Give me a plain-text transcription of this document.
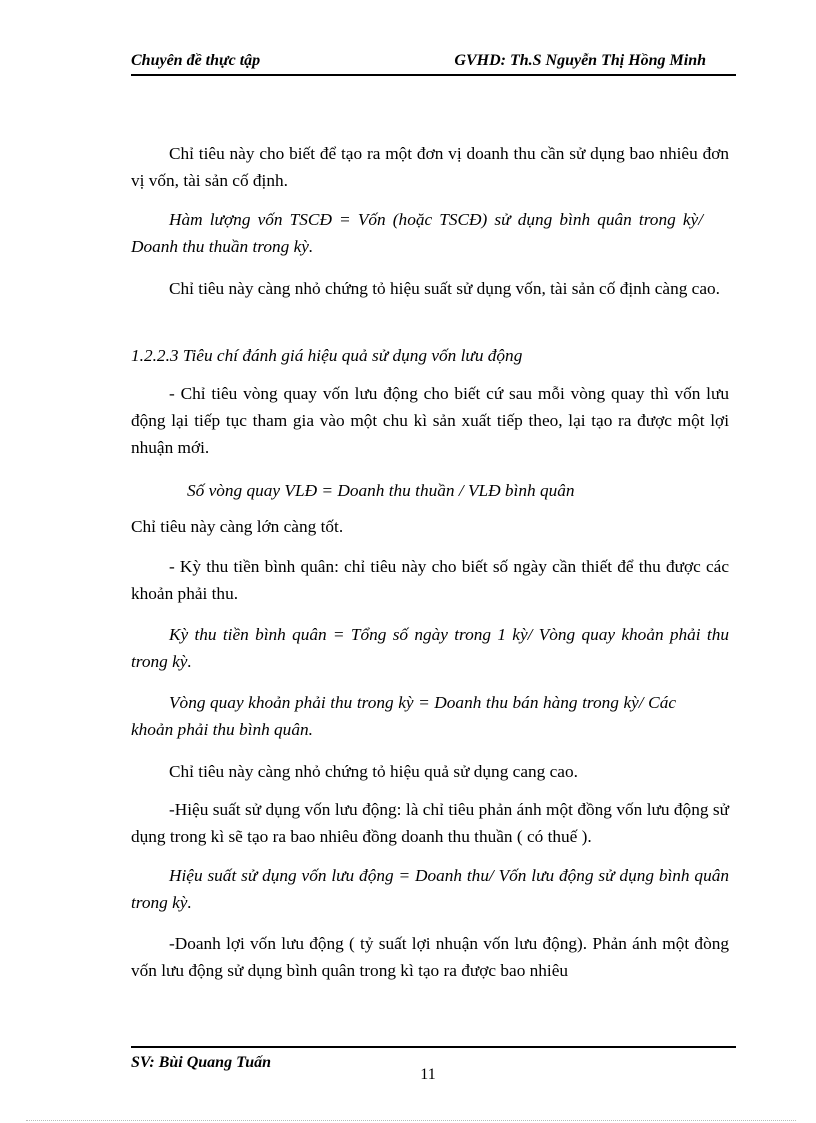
Chuyên đề thực tập	GVHD: Th.S Nguyễn Thị Hồng Minh

Chỉ tiêu này cho biết để tạo ra một đơn vị doanh thu cần sử dụng bao nhiêu đơn vị vốn, tài sản cố định.

Hàm lượng vốn TSCĐ = Vốn (hoặc TSCĐ) sử dụng bình quân trong kỳ/ Doanh thu thuần trong kỳ.

Chỉ tiêu này càng nhỏ chứng tỏ hiệu suất sử dụng vốn, tài sản cố định càng cao.

1.2.2.3 Tiêu chí đánh giá hiệu quả sử dụng vốn lưu động

- Chỉ tiêu vòng quay vốn lưu động cho biết cứ sau mỗi vòng quay thì vốn lưu động lại tiếp tục tham gia vào một chu kì sản xuất tiếp theo, lại tạo ra được một lợi nhuận mới.

Số vòng quay VLĐ = Doanh thu thuần / VLĐ bình quân

Chỉ tiêu này càng lớn càng tốt.

- Kỳ thu tiền bình quân: chỉ tiêu này cho biết số ngày cần thiết để thu được các khoản phải thu.

Kỳ thu tiền bình quân = Tổng số ngày trong 1 kỳ/ Vòng quay khoản phải thu trong kỳ.

Vòng quay khoản phải thu trong kỳ = Doanh thu bán hàng trong kỳ/ Các khoản phải thu bình quân.

Chỉ tiêu này càng nhỏ chứng tỏ hiệu quả sử dụng cang cao.

-Hiệu suất sử dụng vốn lưu động: là chỉ tiêu phản ánh một đồng vốn lưu động sử dụng trong kì sẽ tạo ra bao nhiêu đồng doanh thu thuần ( có thuế ).

Hiệu suất sử dụng vốn lưu động = Doanh thu/ Vốn lưu động sử dụng bình quân trong kỳ.

-Doanh lợi vốn lưu động ( tỷ suất lợi nhuận vốn lưu động). Phản ánh một đòng vốn lưu động sử dụng bình quân trong kì tạo ra được bao nhiêu

SV: Bùi Quang Tuấn
11
